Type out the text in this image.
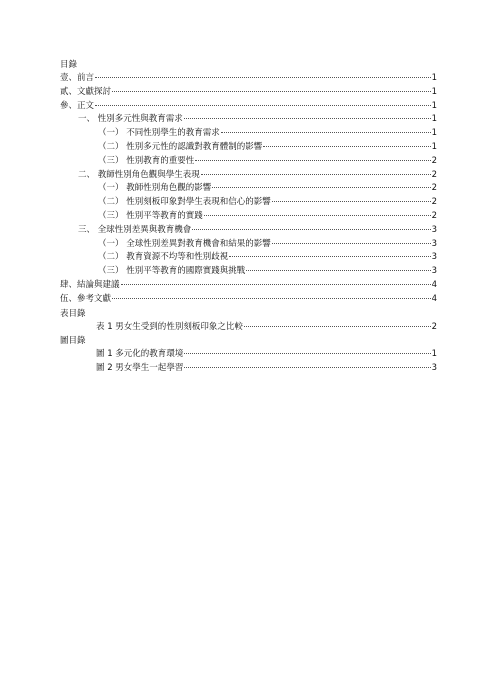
目錄
壹、前言	1
貳、文獻探討	1
參、正文	1
一、 性別多元性與教育需求	1
（一） 不同性別學生的教育需求	1
（二） 性別多元性的認識對教育體制的影響	1
（三） 性別教育的重要性	2
二、 教師性別角色觀與學生表現	2
（一） 教師性別角色觀的影響	2
（二） 性別刻板印象對學生表現和信心的影響	2
（三） 性別平等教育的實踐	2
三、 全球性別差異與教育機會	3
（一） 全球性別差異對教育機會和結果的影響	3
（二） 教育資源不均等和性別歧視	3
（三） 性別平等教育的國際實踐與挑戰	3
肆、結論與建議	4
伍、參考文獻	4
表目錄
表 1 男女生受到的性別刻板印象之比較	2
圖目錄
圖 1 多元化的教育環境	1
圖 2 男女學生一起學習	3
